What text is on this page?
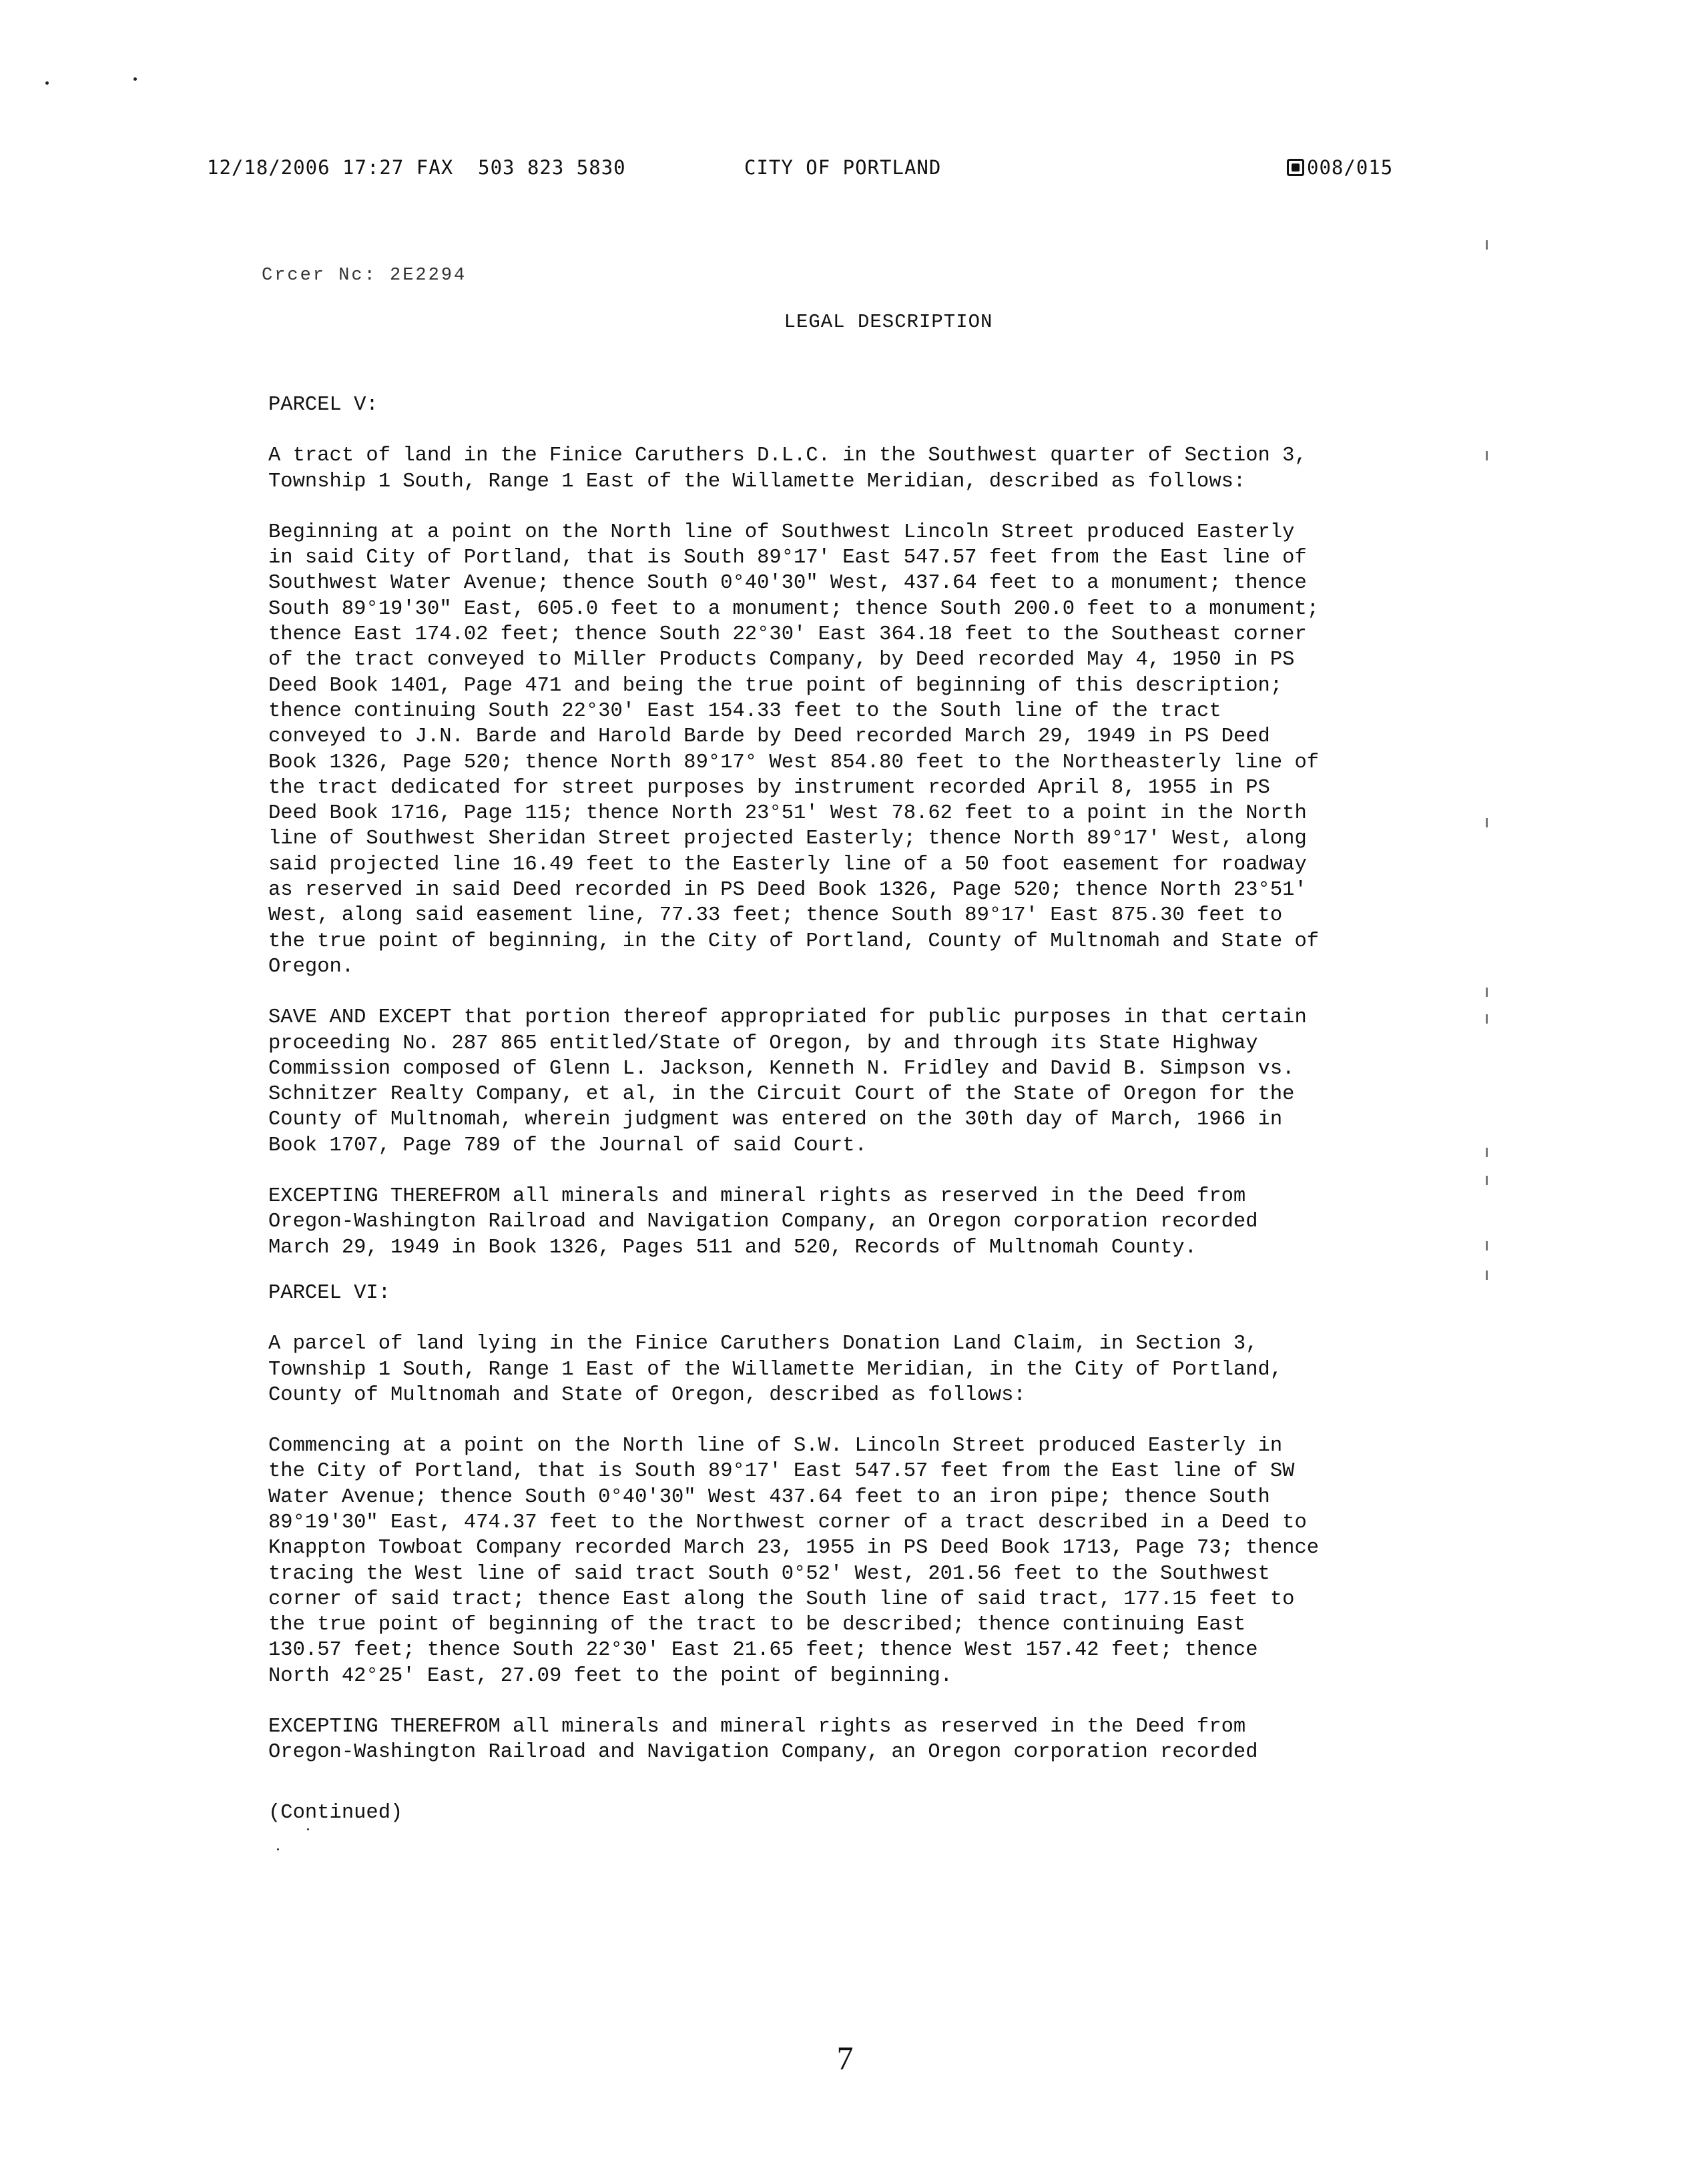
12/18/2006 17:27 FAX  503 823 5830	CITY OF PORTLAND	008/015
Crcer Nc: 2E2294
LEGAL DESCRIPTION
PARCEL V:
A tract of land in the Finice Caruthers D.L.C. in the Southwest quarter of Section 3,
Township 1 South, Range 1 East of the Willamette Meridian, described as follows:
Beginning at a point on the North line of Southwest Lincoln Street produced Easterly
in said City of Portland, that is South 89°17' East 547.57 feet from the East line of
Southwest Water Avenue; thence South 0°40'30" West, 437.64 feet to a monument; thence
South 89°19'30" East, 605.0 feet to a monument; thence South 200.0 feet to a monument;
thence East 174.02 feet; thence South 22°30' East 364.18 feet to the Southeast corner
of the tract conveyed to Miller Products Company, by Deed recorded May 4, 1950 in PS
Deed Book 1401, Page 471 and being the true point of beginning of this description;
thence continuing South 22°30' East 154.33 feet to the South line of the tract
conveyed to J.N. Barde and Harold Barde by Deed recorded March 29, 1949 in PS Deed
Book 1326, Page 520; thence North 89°17° West 854.80 feet to the Northeasterly line of
the tract dedicated for street purposes by instrument recorded April 8, 1955 in PS
Deed Book 1716, Page 115; thence North 23°51' West 78.62 feet to a point in the North
line of Southwest Sheridan Street projected Easterly; thence North 89°17' West, along
said projected line 16.49 feet to the Easterly line of a 50 foot easement for roadway
as reserved in said Deed recorded in PS Deed Book 1326, Page 520; thence North 23°51'
West, along said easement line, 77.33 feet; thence South 89°17' East 875.30 feet to
the true point of beginning, in the City of Portland, County of Multnomah and State of
Oregon.
SAVE AND EXCEPT that portion thereof appropriated for public purposes in that certain
proceeding No. 287 865 entitled/State of Oregon, by and through its State Highway
Commission composed of Glenn L. Jackson, Kenneth N. Fridley and David B. Simpson vs.
Schnitzer Realty Company, et al, in the Circuit Court of the State of Oregon for the
County of Multnomah, wherein judgment was entered on the 30th day of March, 1966 in
Book 1707, Page 789 of the Journal of said Court.
EXCEPTING THEREFROM all minerals and mineral rights as reserved in the Deed from
Oregon-Washington Railroad and Navigation Company, an Oregon corporation recorded
March 29, 1949 in Book 1326, Pages 511 and 520, Records of Multnomah County.
PARCEL VI:
A parcel of land lying in the Finice Caruthers Donation Land Claim, in Section 3,
Township 1 South, Range 1 East of the Willamette Meridian, in the City of Portland,
County of Multnomah and State of Oregon, described as follows:
Commencing at a point on the North line of S.W. Lincoln Street produced Easterly in
the City of Portland, that is South 89°17' East 547.57 feet from the East line of SW
Water Avenue; thence South 0°40'30" West 437.64 feet to an iron pipe; thence South
89°19'30" East, 474.37 feet to the Northwest corner of a tract described in a Deed to
Knappton Towboat Company recorded March 23, 1955 in PS Deed Book 1713, Page 73; thence
tracing the West line of said tract South 0°52' West, 201.56 feet to the Southwest
corner of said tract; thence East along the South line of said tract, 177.15 feet to
the true point of beginning of the tract to be described; thence continuing East
130.57 feet; thence South 22°30' East 21.65 feet; thence West 157.42 feet; thence
North 42°25' East, 27.09 feet to the point of beginning.
EXCEPTING THEREFROM all minerals and mineral rights as reserved in the Deed from
Oregon-Washington Railroad and Navigation Company, an Oregon corporation recorded
(Continued)
7
